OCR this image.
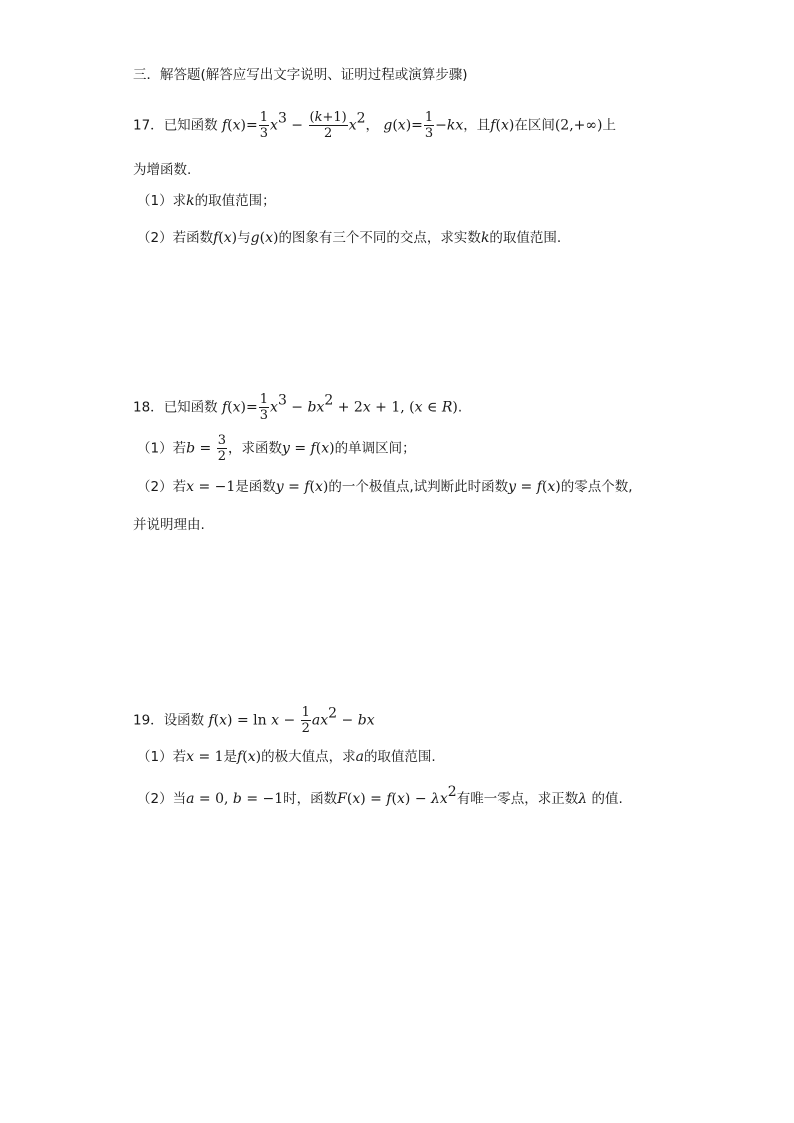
三．解答题(解答应写出文字说明、证明过程或演算步骤)
17．已知函数 $f(x)= \frac{1}{3} x^3 - \frac{(k+1)}{2} x^2$， $g(x)= \frac{1}{3} -kx$，且f(x)在区间(2,+∞)上
为增函数.
（1）求k的取值范围；
（2）若函数f(x)与g(x)的图象有三个不同的交点，求实数k的取值范围.
18．已知函数 $f(x)= \frac{1}{3} x^3 - bx^2 + 2x + 1$, (x ∈ R).
（1）若$b = \frac{3}{2}$ ，求函数y = f(x)的单调区间；
（2）若x = −1是函数y = f(x)的一个极值点,试判断此时函数y = f(x)的零点个数,
并说明理由.
19．设函数 $f(x) = \ln x - \frac{1}{2} ax^2$ − bx
（1）若x = 1是f(x)的极大值点，求a的取值范围.
（2）当a = 0, b = −1时，函数$F(x) = f(x) - \lambda x^2$有唯一零点，求正数λ 的值.
